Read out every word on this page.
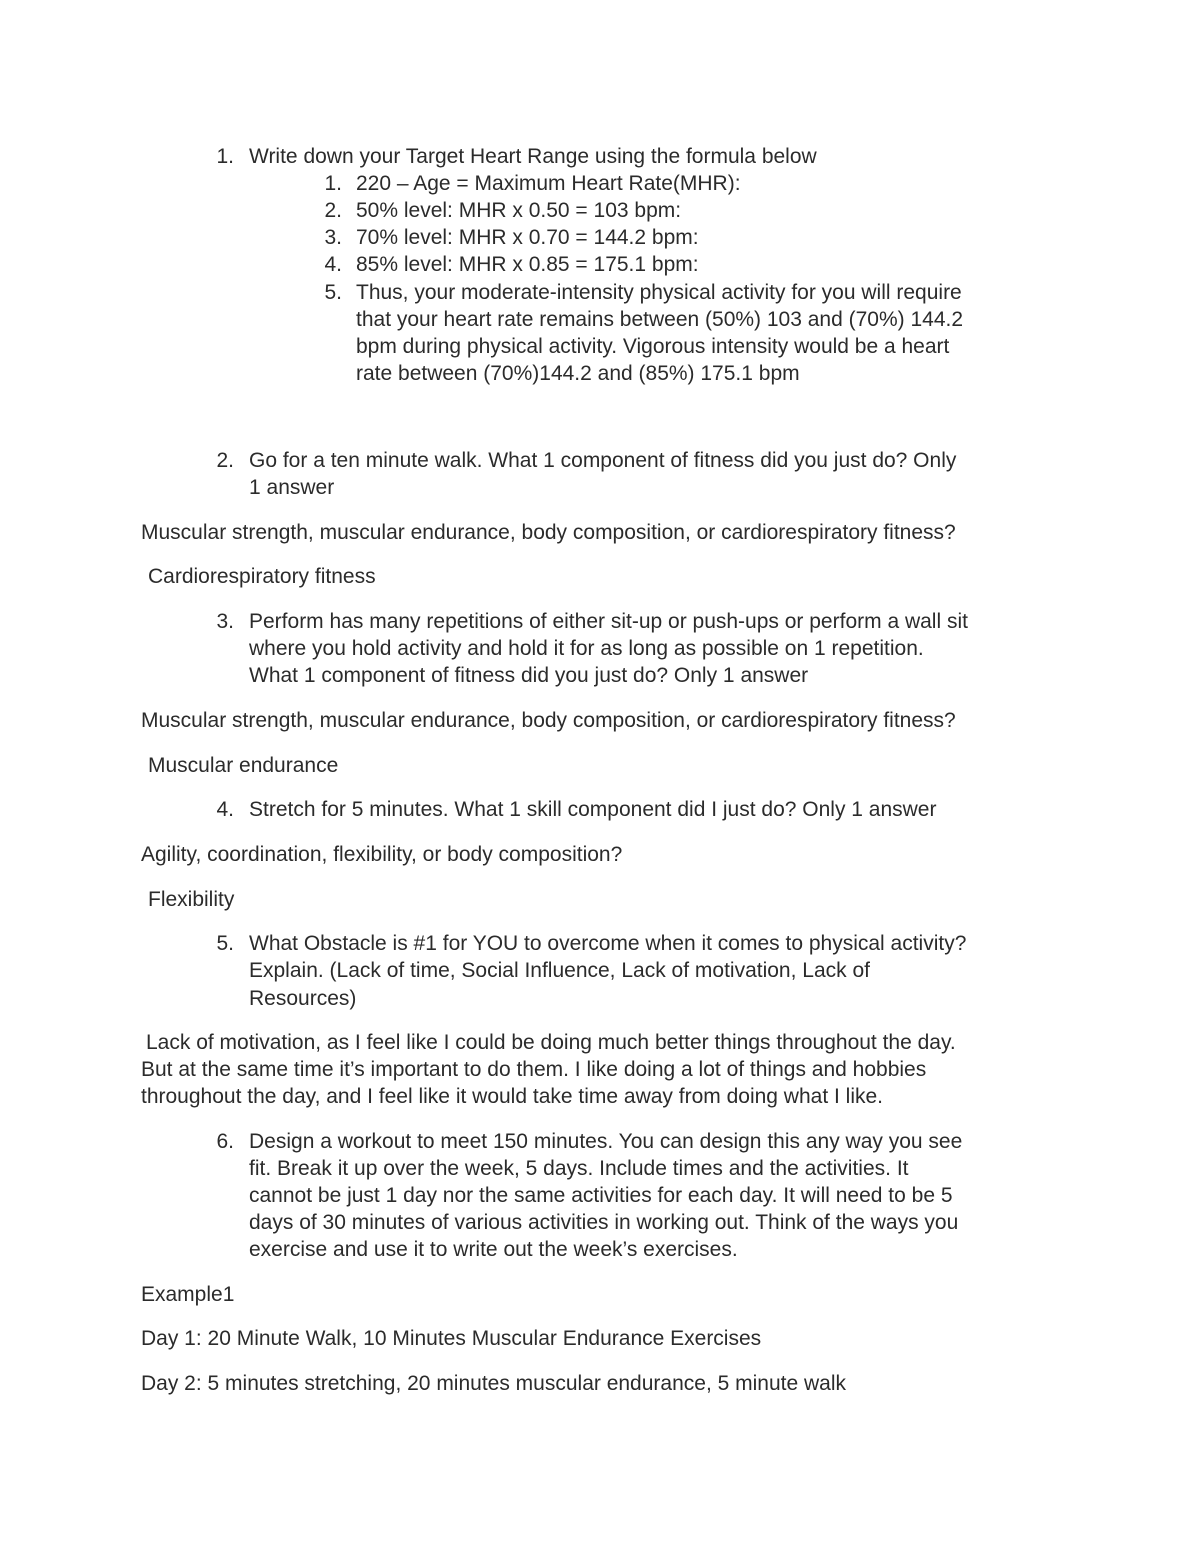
1. Write down your Target Heart Range using the formula below
1. 220 – Age = Maximum Heart Rate(MHR):
2. 50% level: MHR x 0.50 = 103 bpm:
3. 70% level: MHR x 0.70 = 144.2 bpm:
4. 85% level: MHR x 0.85 = 175.1 bpm:
5. Thus, your moderate-intensity physical activity for you will require
that your heart rate remains between (50%) 103 and (70%) 144.2
bpm during physical activity. Vigorous intensity would be a heart
rate between (70%)144.2 and (85%) 175.1 bpm
2. Go for a ten minute walk. What 1 component of fitness did you just do? Only
1 answer
Muscular strength, muscular endurance, body composition, or cardiorespiratory fitness?
Cardiorespiratory fitness
3. Perform has many repetitions of either sit-up or push-ups or perform a wall sit
where you hold activity and hold it for as long as possible on 1 repetition.
What 1 component of fitness did you just do? Only 1 answer
Muscular strength, muscular endurance, body composition, or cardiorespiratory fitness?
Muscular endurance
4. Stretch for 5 minutes. What 1 skill component did I just do? Only 1 answer
Agility, coordination, flexibility, or body composition?
Flexibility
5. What Obstacle is #1 for YOU to overcome when it comes to physical activity?
Explain. (Lack of time, Social Influence, Lack of motivation, Lack of
Resources)
Lack of motivation, as I feel like I could be doing much better things throughout the day.
But at the same time it’s important to do them. I like doing a lot of things and hobbies
throughout the day, and I feel like it would take time away from doing what I like.
6. Design a workout to meet 150 minutes. You can design this any way you see
fit. Break it up over the week, 5 days. Include times and the activities. It
cannot be just 1 day nor the same activities for each day. It will need to be 5
days of 30 minutes of various activities in working out. Think of the ways you
exercise and use it to write out the week’s exercises.
Example1
Day 1: 20 Minute Walk, 10 Minutes Muscular Endurance Exercises
Day 2: 5 minutes stretching, 20 minutes muscular endurance, 5 minute walk
